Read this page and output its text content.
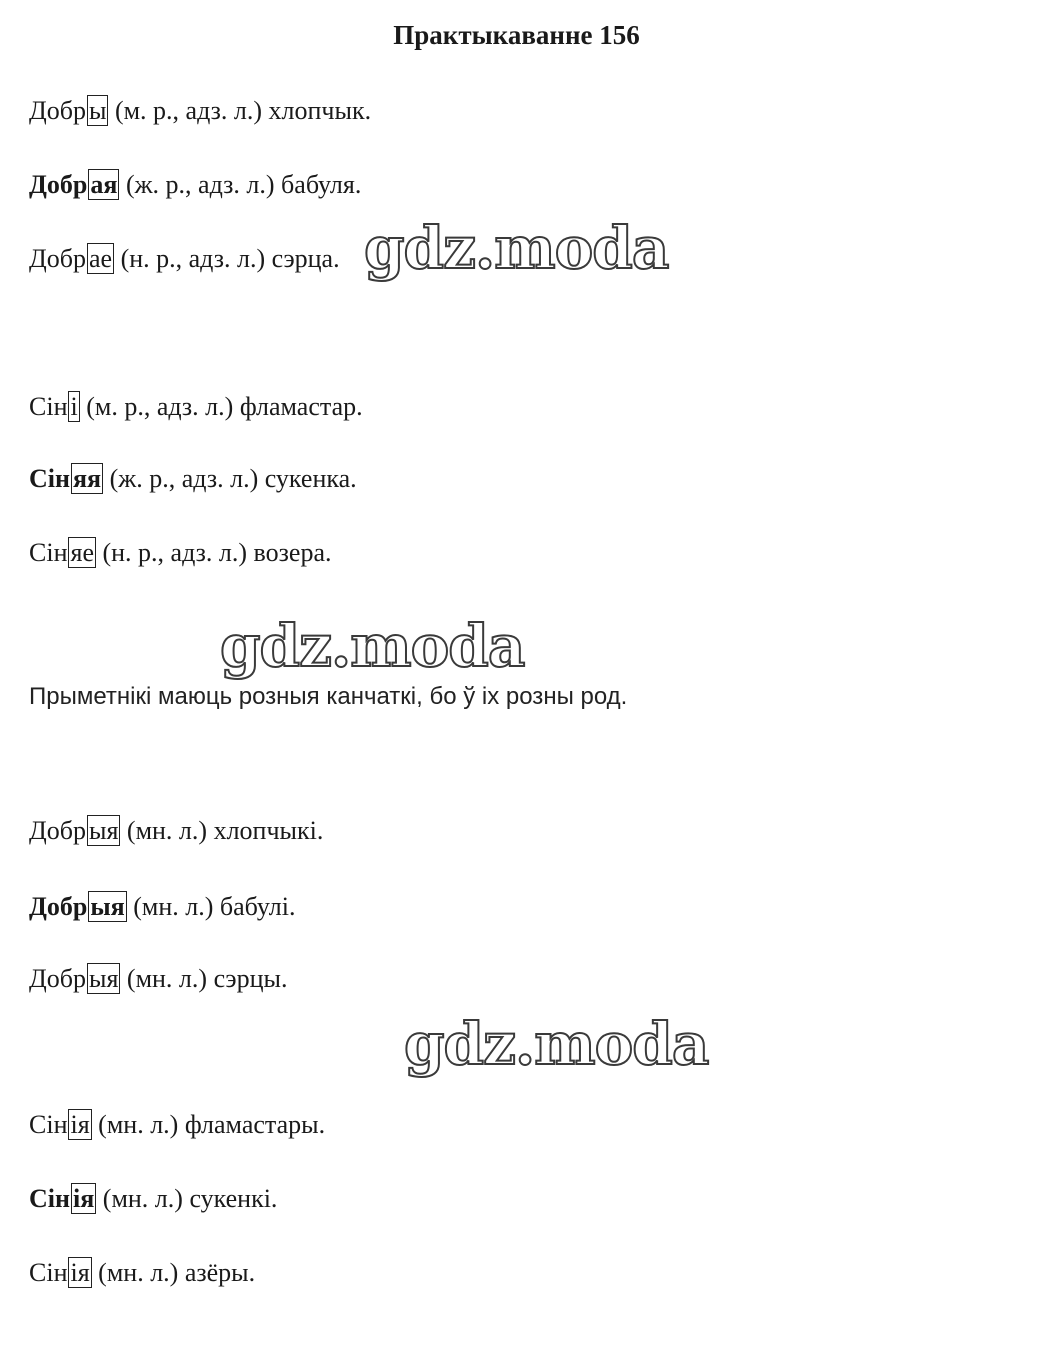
Практыкаванне 156
Добр ы (м. р., адз. л.) хлопчык.
Добр ая (ж. р., адз. л.) бабуля.
Добр ае (н. р., адз. л.) сэрца.
Сін і (м. р., адз. л.) фламастар.
Сін яя (ж. р., адз. л.) сукенка.
Сін яе (н. р., адз. л.) возера.
Прыметнікі маюць розныя канчаткі, бо ў іх розны род.
Добр ыя (мн. л.) хлопчыкі.
Добр ыя (мн. л.) бабулі.
Добр ыя (мн. л.) сэрцы.
Сін ія (мн. л.) фламастары.
Сін ія (мн. л.) сукенкі.
Сін ія (мн. л.) азёры.
gdz.moda
gdz.moda
gdz.moda
